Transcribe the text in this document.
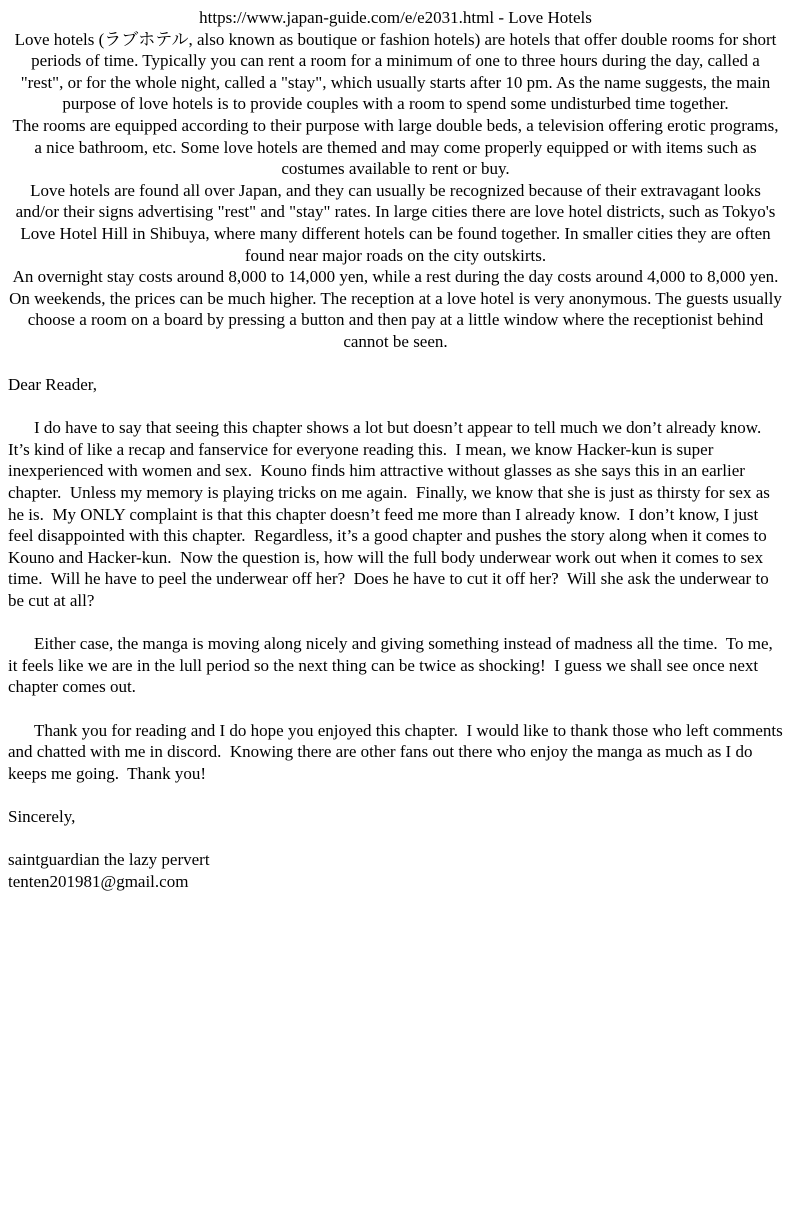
https://www.japan-guide.com/e/e2031.html - Love Hotels

Love hotels (ラブホテル, also known as boutique or fashion hotels) are hotels that offer double rooms for short periods of time. Typically you can rent a room for a minimum of one to three hours during the day, called a "rest", or for the whole night, called a "stay", which usually starts after 10 pm. As the name suggests, the main purpose of love hotels is to provide couples with a room to spend some undisturbed time together.

The rooms are equipped according to their purpose with large double beds, a television offering erotic programs, a nice bathroom, etc. Some love hotels are themed and may come properly equipped or with items such as costumes available to rent or buy.

Love hotels are found all over Japan, and they can usually be recognized because of their extravagant looks and/or their signs advertising "rest" and "stay" rates. In large cities there are love hotel districts, such as Tokyo's Love Hotel Hill in Shibuya, where many different hotels can be found together. In smaller cities they are often found near major roads on the city outskirts.

An overnight stay costs around 8,000 to 14,000 yen, while a rest during the day costs around 4,000 to 8,000 yen. On weekends, the prices can be much higher. The reception at a love hotel is very anonymous. The guests usually choose a room on a board by pressing a button and then pay at a little window where the receptionist behind cannot be seen.

Dear Reader,

I do have to say that seeing this chapter shows a lot but doesn’t appear to tell much we don’t already know.  It’s kind of like a recap and fanservice for everyone reading this.  I mean, we know Hacker-kun is super inexperienced with women and sex.  Kouno finds him attractive without glasses as she says this in an earlier chapter.  Unless my memory is playing tricks on me again.  Finally, we know that she is just as thirsty for sex as he is.  My ONLY complaint is that this chapter doesn’t feed me more than I already know.  I don’t know, I just feel disappointed with this chapter.  Regardless, it’s a good chapter and pushes the story along when it comes to Kouno and Hacker-kun.  Now the question is, how will the full body underwear work out when it comes to sex time.  Will he have to peel the underwear off her?  Does he have to cut it off her?  Will she ask the underwear to be cut at all?

Either case, the manga is moving along nicely and giving something instead of madness all the time.  To me, it feels like we are in the lull period so the next thing can be twice as shocking!  I guess we shall see once next chapter comes out.

Thank you for reading and I do hope you enjoyed this chapter.  I would like to thank those who left comments and chatted with me in discord.  Knowing there are other fans out there who enjoy the manga as much as I do keeps me going.  Thank you!

Sincerely,

saintguardian the lazy pervert

tenten201981@gmail.com
